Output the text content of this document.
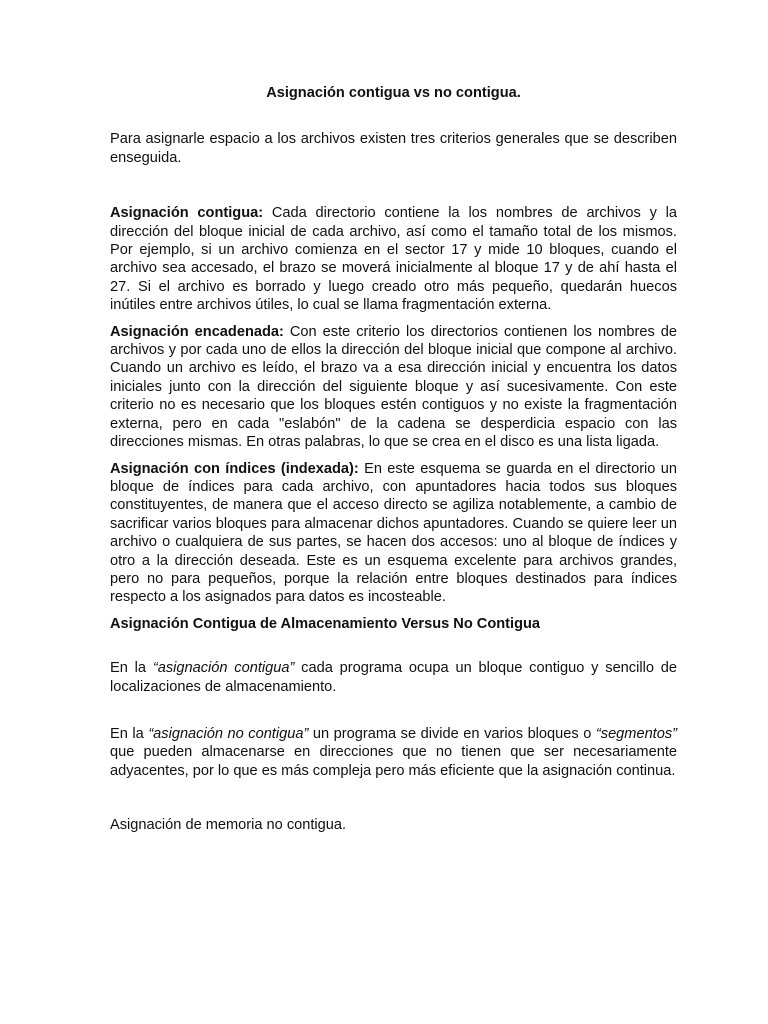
Asignación contigua vs no contigua.

Para asignarle espacio a los archivos existen tres criterios generales que se describen enseguida.

Asignación contigua: Cada directorio contiene la los nombres de archivos y la dirección del bloque inicial de cada archivo, así como el tamaño total de los mismos. Por ejemplo, si un archivo comienza en el sector 17 y mide 10 bloques, cuando el archivo sea accesado, el brazo se moverá inicialmente al bloque 17 y de ahí hasta el 27. Si el archivo es borrado y luego creado otro más pequeño, quedarán huecos inútiles entre archivos útiles, lo cual se llama fragmentación externa.

Asignación encadenada: Con este criterio los directorios contienen los nombres de archivos y por cada uno de ellos la dirección del bloque inicial que compone al archivo. Cuando un archivo es leído, el brazo va a esa dirección inicial y encuentra los datos iniciales junto con la dirección del siguiente bloque y así sucesivamente. Con este criterio no es necesario que los bloques estén contiguos y no existe la fragmentación externa, pero en cada "eslabón" de la cadena se desperdicia espacio con las direcciones mismas. En otras palabras, lo que se crea en el disco es una lista ligada.

Asignación con índices (indexada): En este esquema se guarda en el directorio un bloque de índices para cada archivo, con apuntadores hacia todos sus bloques constituyentes, de manera que el acceso directo se agiliza notablemente, a cambio de sacrificar varios bloques para almacenar dichos apuntadores. Cuando se quiere leer un archivo o cualquiera de sus partes, se hacen dos accesos: uno al bloque de índices y otro a la dirección deseada. Este es un esquema excelente para archivos grandes, pero no para pequeños, porque la relación entre bloques destinados para índices respecto a los asignados para datos es incosteable.

Asignación Contigua de Almacenamiento Versus No Contigua

En la “asignación contigua” cada programa ocupa un bloque contiguo y sencillo de localizaciones de almacenamiento.

En la “asignación no contigua” un programa se divide en varios bloques o “segmentos” que pueden almacenarse en direcciones que no tienen que ser necesariamente adyacentes, por lo que es más compleja pero más eficiente que la asignación continua.

Asignación de memoria no contigua.
